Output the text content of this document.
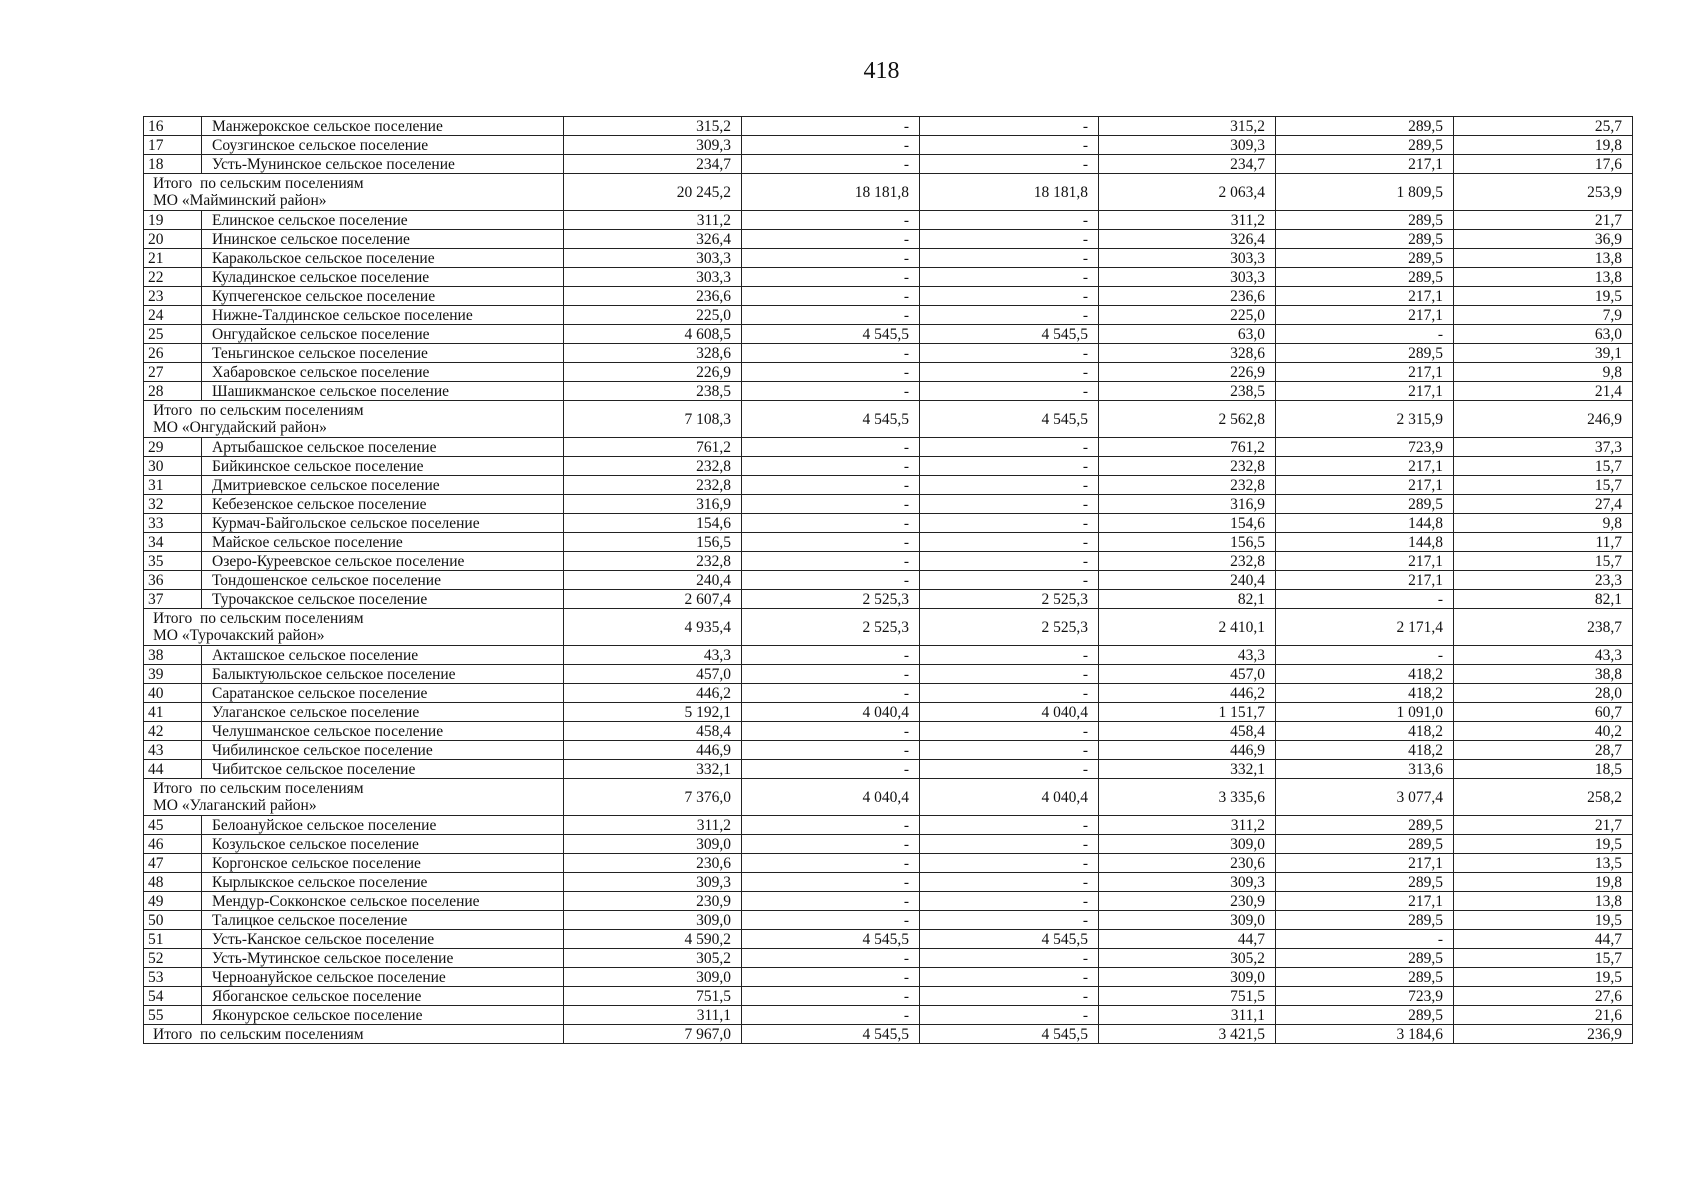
418
16	Манжерокское сельское поселение	315,2	-	-	315,2	289,5	25,7
17	Соузгинское сельское поселение	309,3	-	-	309,3	289,5	19,8
18	Усть-Мунинское сельское поселение	234,7	-	-	234,7	217,1	17,6

Итого  по сельским поселениям
МО «Майминский район»		20 245,2	18 181,8	18 181,8	2 063,4	1 809,5	253,9
19	Елинское сельское поселение	311,2	-	-	311,2	289,5	21,7
20	Ининское сельское поселение	326,4	-	-	326,4	289,5	36,9
21	Каракольское сельское поселение	303,3	-	-	303,3	289,5	13,8
22	Куладинское сельское поселение	303,3	-	-	303,3	289,5	13,8
23	Купчегенское сельское поселение	236,6	-	-	236,6	217,1	19,5
24	Нижне-Талдинское сельское поселение	225,0	-	-	225,0	217,1	7,9
25	Онгудайское сельское поселение	4 608,5	4 545,5	4 545,5	63,0	-	63,0
26	Теньгинское сельское поселение	328,6	-	-	328,6	289,5	39,1
27	Хабаровское сельское поселение	226,9	-	-	226,9	217,1	9,8
28	Шашикманское сельское поселение	238,5	-	-	238,5	217,1	21,4

Итого  по сельским поселениям
МО «Онгудайский район»		7 108,3	4 545,5	4 545,5	2 562,8	2 315,9	246,9
29	Артыбашское сельское поселение	761,2	-	-	761,2	723,9	37,3
30	Бийкинское сельское поселение	232,8	-	-	232,8	217,1	15,7
31	Дмитриевское сельское поселение	232,8	-	-	232,8	217,1	15,7
32	Кебезенское сельское поселение	316,9	-	-	316,9	289,5	27,4
33	Курмач-Байгольское сельское поселение	154,6	-	-	154,6	144,8	9,8
34	Майское сельское поселение	156,5	-	-	156,5	144,8	11,7
35	Озеро-Куреевское сельское поселение	232,8	-	-	232,8	217,1	15,7
36	Тондошенское сельское поселение	240,4	-	-	240,4	217,1	23,3
37	Турочакское сельское поселение	2 607,4	2 525,3	2 525,3	82,1	-	82,1

Итого  по сельским поселениям
МО «Турочакский район»		4 935,4	2 525,3	2 525,3	2 410,1	2 171,4	238,7
38	Акташское сельское поселение	43,3	-	-	43,3	-	43,3
39	Балыктуюльское сельское поселение	457,0	-	-	457,0	418,2	38,8
40	Саратанское сельское поселение	446,2	-	-	446,2	418,2	28,0
41	Улаганское сельское поселение	5 192,1	4 040,4	4 040,4	1 151,7	1 091,0	60,7
42	Челушманское сельское поселение	458,4	-	-	458,4	418,2	40,2
43	Чибилинское сельское поселение	446,9	-	-	446,9	418,2	28,7
44	Чибитское сельское поселение	332,1	-	-	332,1	313,6	18,5

Итого  по сельским поселениям
МО «Улаганский район»		7 376,0	4 040,4	4 040,4	3 335,6	3 077,4	258,2
45	Белоануйское сельское поселение	311,2	-	-	311,2	289,5	21,7
46	Козульское сельское поселение	309,0	-	-	309,0	289,5	19,5
47	Коргонское сельское поселение	230,6	-	-	230,6	217,1	13,5
48	Кырлыкское сельское поселение	309,3	-	-	309,3	289,5	19,8
49	Мендур-Сокконское сельское поселение	230,9	-	-	230,9	217,1	13,8
50	Талицкое сельское поселение	309,0	-	-	309,0	289,5	19,5
51	Усть-Канское сельское поселение	4 590,2	4 545,5	4 545,5	44,7	-	44,7
52	Усть-Мутинское сельское поселение	305,2	-	-	305,2	289,5	15,7
53	Черноануйское сельское поселение	309,0	-	-	309,0	289,5	19,5
54	Ябоганское сельское поселение	751,5	-	-	751,5	723,9	27,6
55	Яконурское сельское поселение	311,1	-	-	311,1	289,5	21,6

Итого  по сельским поселениям		7 967,0	4 545,5	4 545,5	3 421,5	3 184,6	236,9
